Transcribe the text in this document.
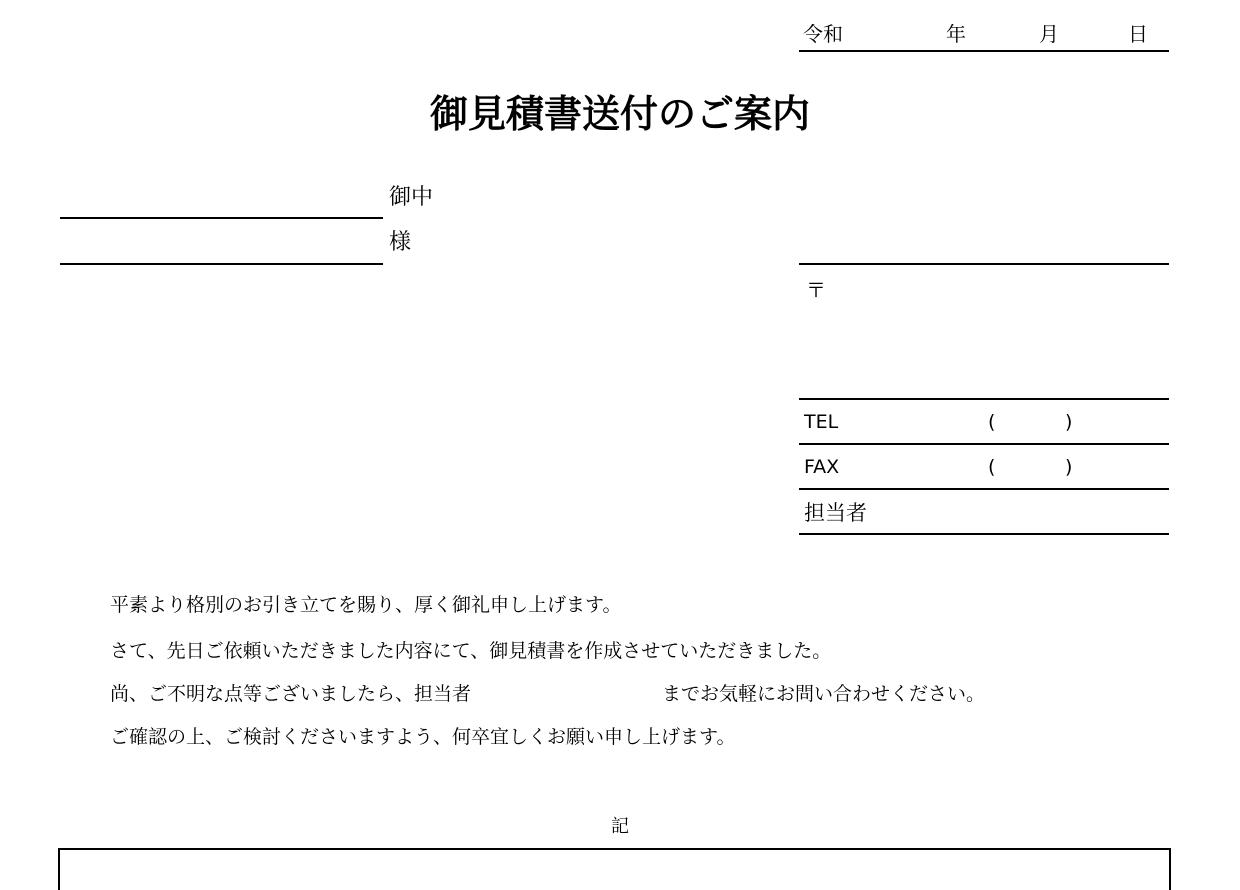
令和	年	月	日
御見積書送付のご案内
御中
様
〒
TEL	(	)
FAX	(	)
担当者
平素より格別のお引き立てを賜り、厚く御礼申し上げます。
さて、先日ご依頼いただきました内容にて、御見積書を作成させていただきました。
尚、ご不明な点等ございましたら、担当者	までお気軽にお問い合わせください。
ご確認の上、ご検討くださいますよう、何卒宜しくお願い申し上げます。
記
